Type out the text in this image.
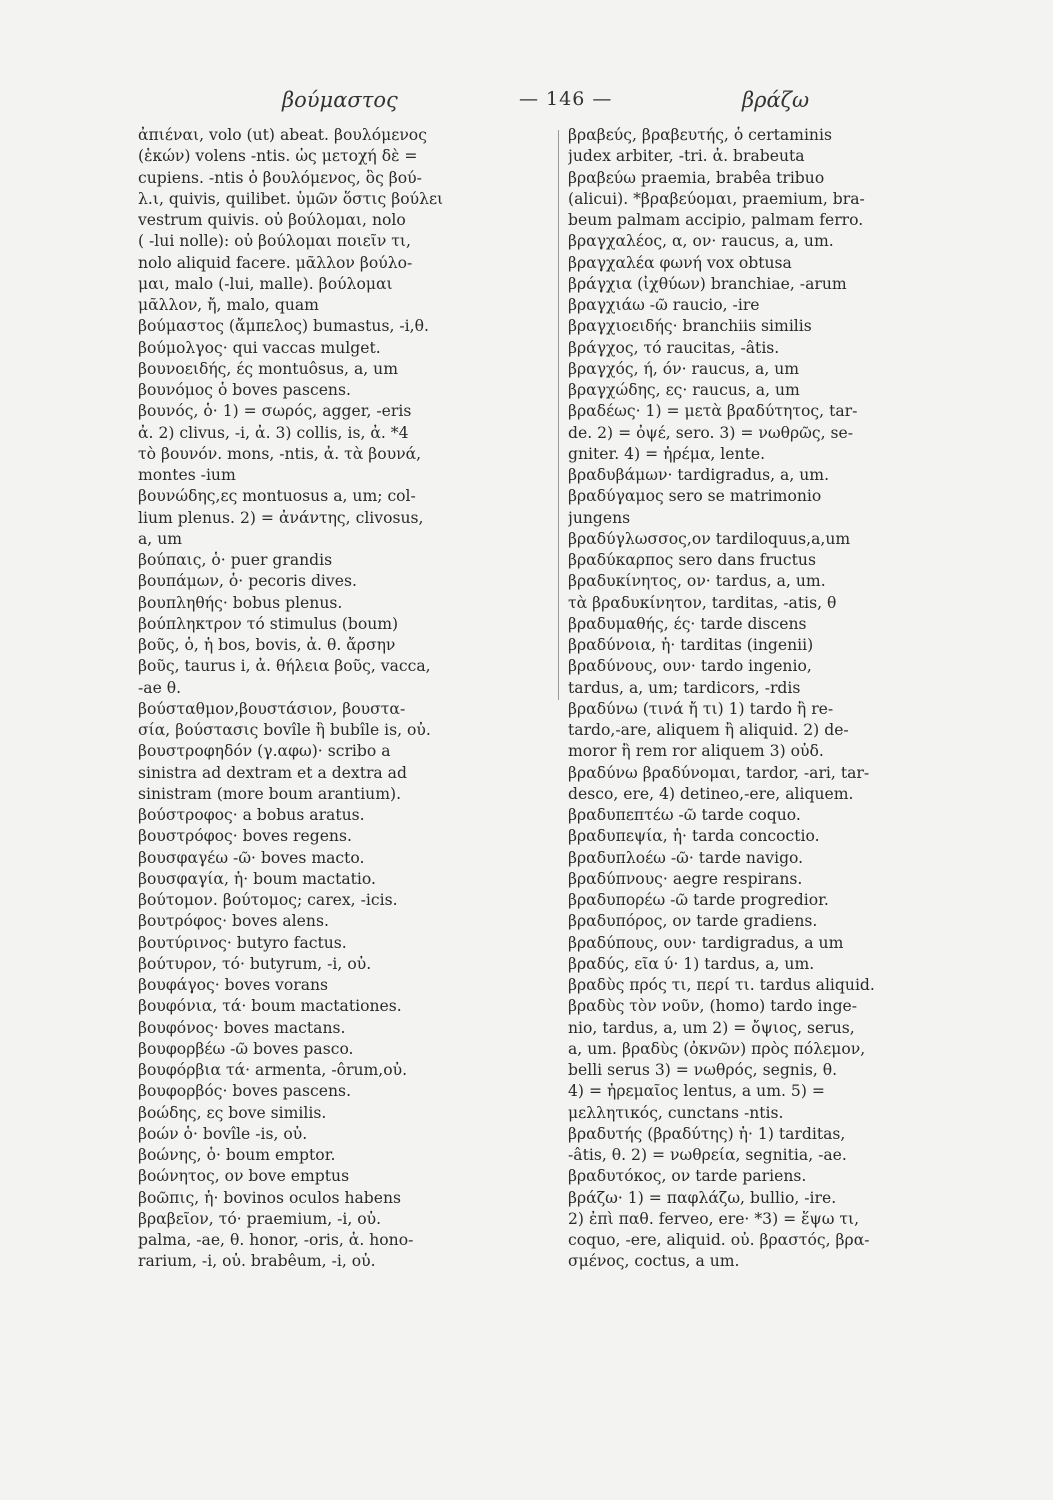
βούμαστος	— 146 —	βράζω
ἀπιέναι, volo (ut) abeat. βουλόμενος
(ἑκών) volens -ntis. ὡς μετοχή δὲ =
cupiens. -ntis ὁ βουλόμενος, ὃς βού-
λ.ι, quivis, quilibet. ὑμῶν ὅστις βούλει
vestrum quivis. οὐ βούλομαι, nolo
( -lui nolle): οὐ βούλομαι ποιεῖν τι,
nolo aliquid facere. μᾶλλον βούλο-
μαι, malo (-lui, malle). βούλομαι
μᾶλλον, ἤ, malo, quam
βούμαστος (ἄμπελος) bumastus, -i,θ.
βούμολγος· qui vaccas mulget.
βουνοειδής, ές montuôsus, a, um
βουνόμος ὁ boves pascens.
βουνός, ὁ· 1) = σωρός, agger, -eris
ἀ. 2) clivus, -i, ἀ. 3) collis, is, ἀ. *4
τὸ βουνόν. mons, -ntis, ἀ. τὰ βουνά,
montes -ium
βουνώδης,ες montuosus a, um; col-
lium plenus. 2) = ἀνάντης, clivosus,
a, um
βούπαις, ὁ· puer grandis
βουπάμων, ὁ· pecoris dives.
βουπληθής· bobus plenus.
βούπληκτρον τό stimulus (boum)
βοῦς, ὁ, ἡ bos, bovis, ἀ. θ. ἄρσην
βοῦς, taurus i, ἀ. θήλεια βοῦς, vacca,
-ae θ.
βούσταθμον,βουστάσιον, βουστα-
σία, βούστασις bovîle ἢ bubîle is, οὐ.
βουστροφηδόν (γ.αφω)· scribo a
sinistra ad dextram et a dextra ad
sinistram (more boum arantium).
βούστροφος· a bobus aratus.
βουστρόφος· boves regens.
βουσφαγέω -ῶ· boves macto.
βουσφαγία, ἡ· boum mactatio.
βούτομον. βούτομος; carex, -icis.
βουτρόφος· boves alens.
βουτύρινος· butyro factus.
βούτυρον, τό· butyrum, -i, οὐ.
βουφάγος· boves vorans
βουφόνια, τά· boum mactationes.
βουφόνος· boves mactans.
βουφορβέω -ῶ boves pasco.
βουφόρβια τά· armenta, -ôrum,οὐ.
βουφορβός· boves pascens.
βοώδης, ες bove similis.
βοών ὁ· bovîle -is, οὐ.
βοώνης, ὁ· boum emptor.
βοώνητος, ον bove emptus
βοῶπις, ἡ· bovinos oculos habens
βραβεῖον, τό· praemium, -i, οὐ.
palma, -ae, θ. honor, -oris, ἀ. hono-
rarium, -i, οὐ. brabêum, -i, οὐ.
βραβεύς, βραβευτής, ὁ certaminis
judex arbiter, -tri. ἀ. brabeuta
βραβεύω praemia, brabêa tribuo
(alicui). *βραβεύομαι, praemium, bra-
beum palmam accipio, palmam ferro.
βραγχαλέος, α, ον· raucus, a, um.
βραγχαλέα φωνή vox obtusa
βράγχια (ἰχθύων) branchiae, -arum
βραγχιάω -ῶ raucio, -ire
βραγχιοειδής· branchiis similis
βράγχος, τό raucitas, -âtis.
βραγχός, ή, όν· raucus, a, um
βραγχώδης, ες· raucus, a, um
βραδέως· 1) = μετὰ βραδύτητος, tar-
de. 2) = ὀψέ, sero. 3) = νωθρῶς, se-
gniter. 4) = ἠρέμα, lente.
βραδυβάμων· tardigradus, a, um.
βραδύγαμος sero se matrimonio
jungens
βραδύγλωσσος,ον tardiloquus,a,um
βραδύκαρπος sero dans fructus
βραδυκίνητος, ον· tardus, a, um.
τὰ βραδυκίνητον, tarditas, -atis, θ
βραδυμαθής, ές· tarde discens
βραδύνοια, ἡ· tarditas (ingenii)
βραδύνους, ουν· tardo ingenio,
tardus, a, um; tardicors, -rdis
βραδύνω (τινά ἤ τι) 1) tardo ἢ re-
tardo,-are, aliquem ἢ aliquid. 2) de-
moror ἢ rem ror aliquem 3) οὐδ.
βραδύνω βραδύνομαι, tardor, -ari, tar-
desco, ere, 4) detineo,-ere, aliquem.
βραδυπεπτέω -ῶ tarde coquo.
βραδυπεψία, ἡ· tarda concoctio.
βραδυπλοέω -ῶ· tarde navigo.
βραδύπνους· aegre respirans.
βραδυπορέω -ῶ tarde progredior.
βραδυπόρος, ον tarde gradiens.
βραδύπους, ουν· tardigradus, a um
βραδύς, εῖα ύ· 1) tardus, a, um.
βραδὺς πρός τι, περί τι. tardus aliquid.
βραδὺς τὸν νοῦν, (homo) tardo inge-
nio, tardus, a, um 2) = ὄψιος, serus,
a, um. βραδὺς (ὀκνῶν) πρὸς πόλεμον,
belli serus 3) = νωθρός, segnis, θ.
4) = ἠρεμαῖος lentus, a um. 5) =
μελλητικός, cunctans -ntis.
βραδυτής (βραδύτης) ἡ· 1) tarditas,
-âtis, θ. 2) = νωθρεία, segnitia, -ae.
βραδυτόκος, ον tarde pariens.
βράζω· 1) = παφλάζω, bullio, -ire.
2) ἐπὶ παθ. ferveo, ere· *3) = ἕψω τι,
coquo, -ere, aliquid. οὐ. βραστός, βρα-
σμένος, coctus, a um.
